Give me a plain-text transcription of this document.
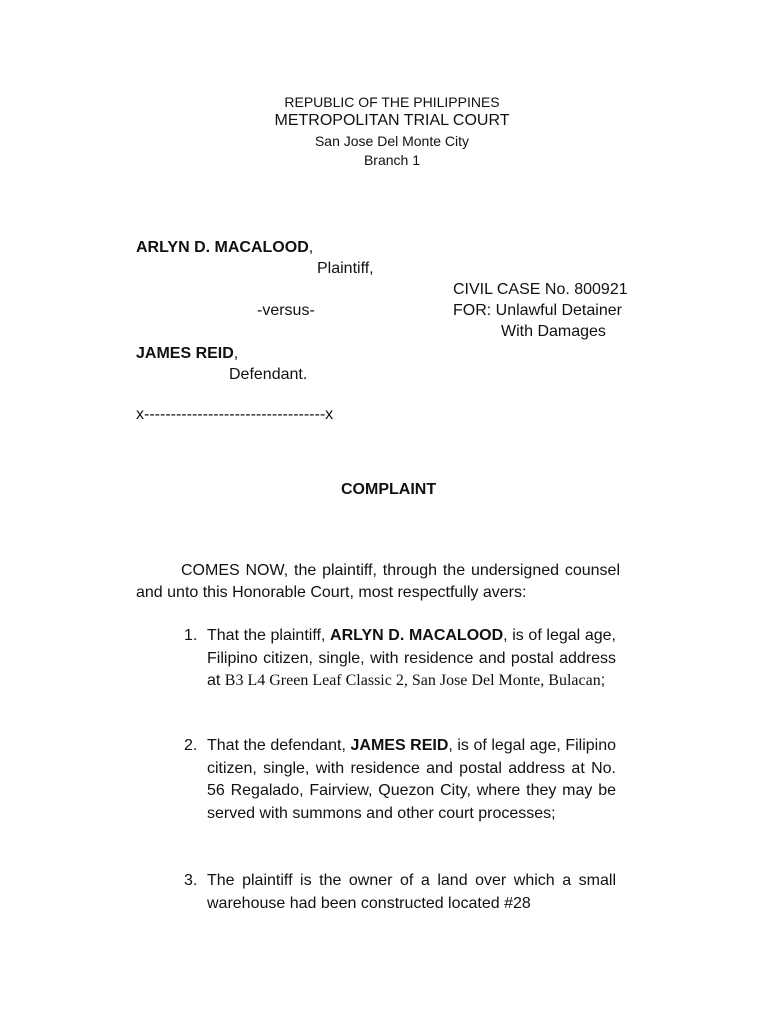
REPUBLIC OF THE PHILIPPINES
METROPOLITAN TRIAL COURT
San Jose Del Monte City
Branch 1
ARLYN D. MACALOOD,
Plaintiff,
CIVIL CASE No. 800921
FOR: Unlawful Detainer
With Damages
-versus-
JAMES REID,
Defendant.
x----------------------------------x
COMPLAINT
COMES NOW, the plaintiff, through the undersigned counsel and unto this Honorable Court, most respectfully avers:
1. That the plaintiff, ARLYN D. MACALOOD, is of legal age, Filipino citizen, single, with residence and postal address at B3 L4 Green Leaf Classic 2, San Jose Del Monte, Bulacan;
2. That the defendant, JAMES REID, is of legal age, Filipino citizen, single, with residence and postal address at No. 56 Regalado, Fairview, Quezon City, where they may be served with summons and other court processes;
3. The plaintiff is the owner of a land over which a small warehouse had been constructed located #28
